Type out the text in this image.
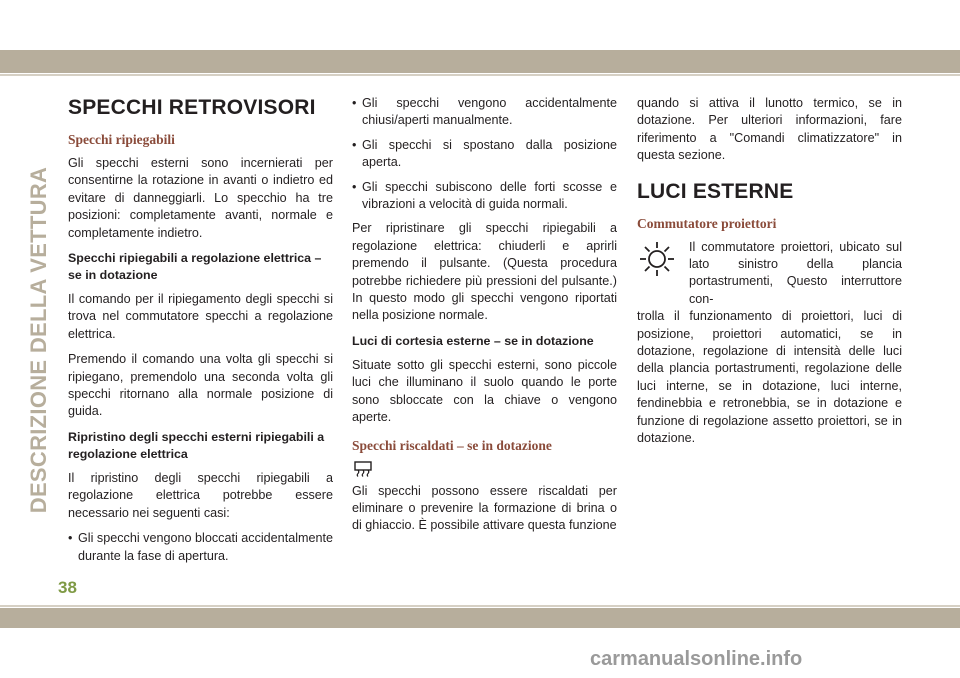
DESCRIZIONE DELLA VETTURA
SPECCHI RETROVISORI
Specchi ripiegabili

Gli specchi esterni sono incernierati per consentirne la rotazione in avanti o indietro ed evitare di danneggiarli. Lo specchio ha tre posizioni: completamente avanti, normale e completamente indietro.

Specchi ripiegabili a regolazione elettrica – se in dotazione

Il comando per il ripiegamento degli specchi si trova nel commutatore specchi a regolazione elettrica.

Premendo il comando una volta gli specchi si ripiegano, premendolo una seconda volta gli specchi ritornano alla normale posizione di guida.

Ripristino degli specchi esterni ripiegabili a regolazione elettrica

Il ripristino degli specchi ripiegabili a regolazione elettrica potrebbe essere necessario nei seguenti casi:

• Gli specchi vengono bloccati accidentalmente durante la fase di apertura.
• Gli specchi vengono accidentalmente chiusi/aperti manualmente.
• Gli specchi si spostano dalla posizione aperta.
• Gli specchi subiscono delle forti scosse e vibrazioni a velocità di guida normali.

Per ripristinare gli specchi ripiegabili a regolazione elettrica: chiuderli e aprirli premendo il pulsante. (Questa procedura potrebbe richiedere più pressioni del pulsante.) In questo modo gli specchi vengono riportati nella posizione normale.

Luci di cortesia esterne – se in dotazione

Situate sotto gli specchi esterni, sono piccole luci che illuminano il suolo quando le porte sono sbloccate con la chiave o vengono aperte.

Specchi riscaldati – se in dotazione

Gli specchi possono essere riscaldati per eliminare o prevenire la formazione di brina o di ghiaccio. È possibile attivare questa funzione

quando si attiva il lunotto termico, se in dotazione. Per ulteriori informazioni, fare riferimento a "Comandi climatizzatore" in questa sezione.

LUCI ESTERNE
Commutatore proiettori

Il commutatore proiettori, ubicato sul lato sinistro della plancia portastrumenti, Questo interruttore con-
trolla il funzionamento di proiettori, luci di posizione, proiettori automatici, se in dotazione, regolazione di intensità delle luci della plancia portastrumenti, regolazione delle luci interne, se in dotazione, luci interne, fendinebbia e retronebbia, se in dotazione e funzione di regolazione assetto proiettori, se in dotazione.

38
carmanualsonline.info
